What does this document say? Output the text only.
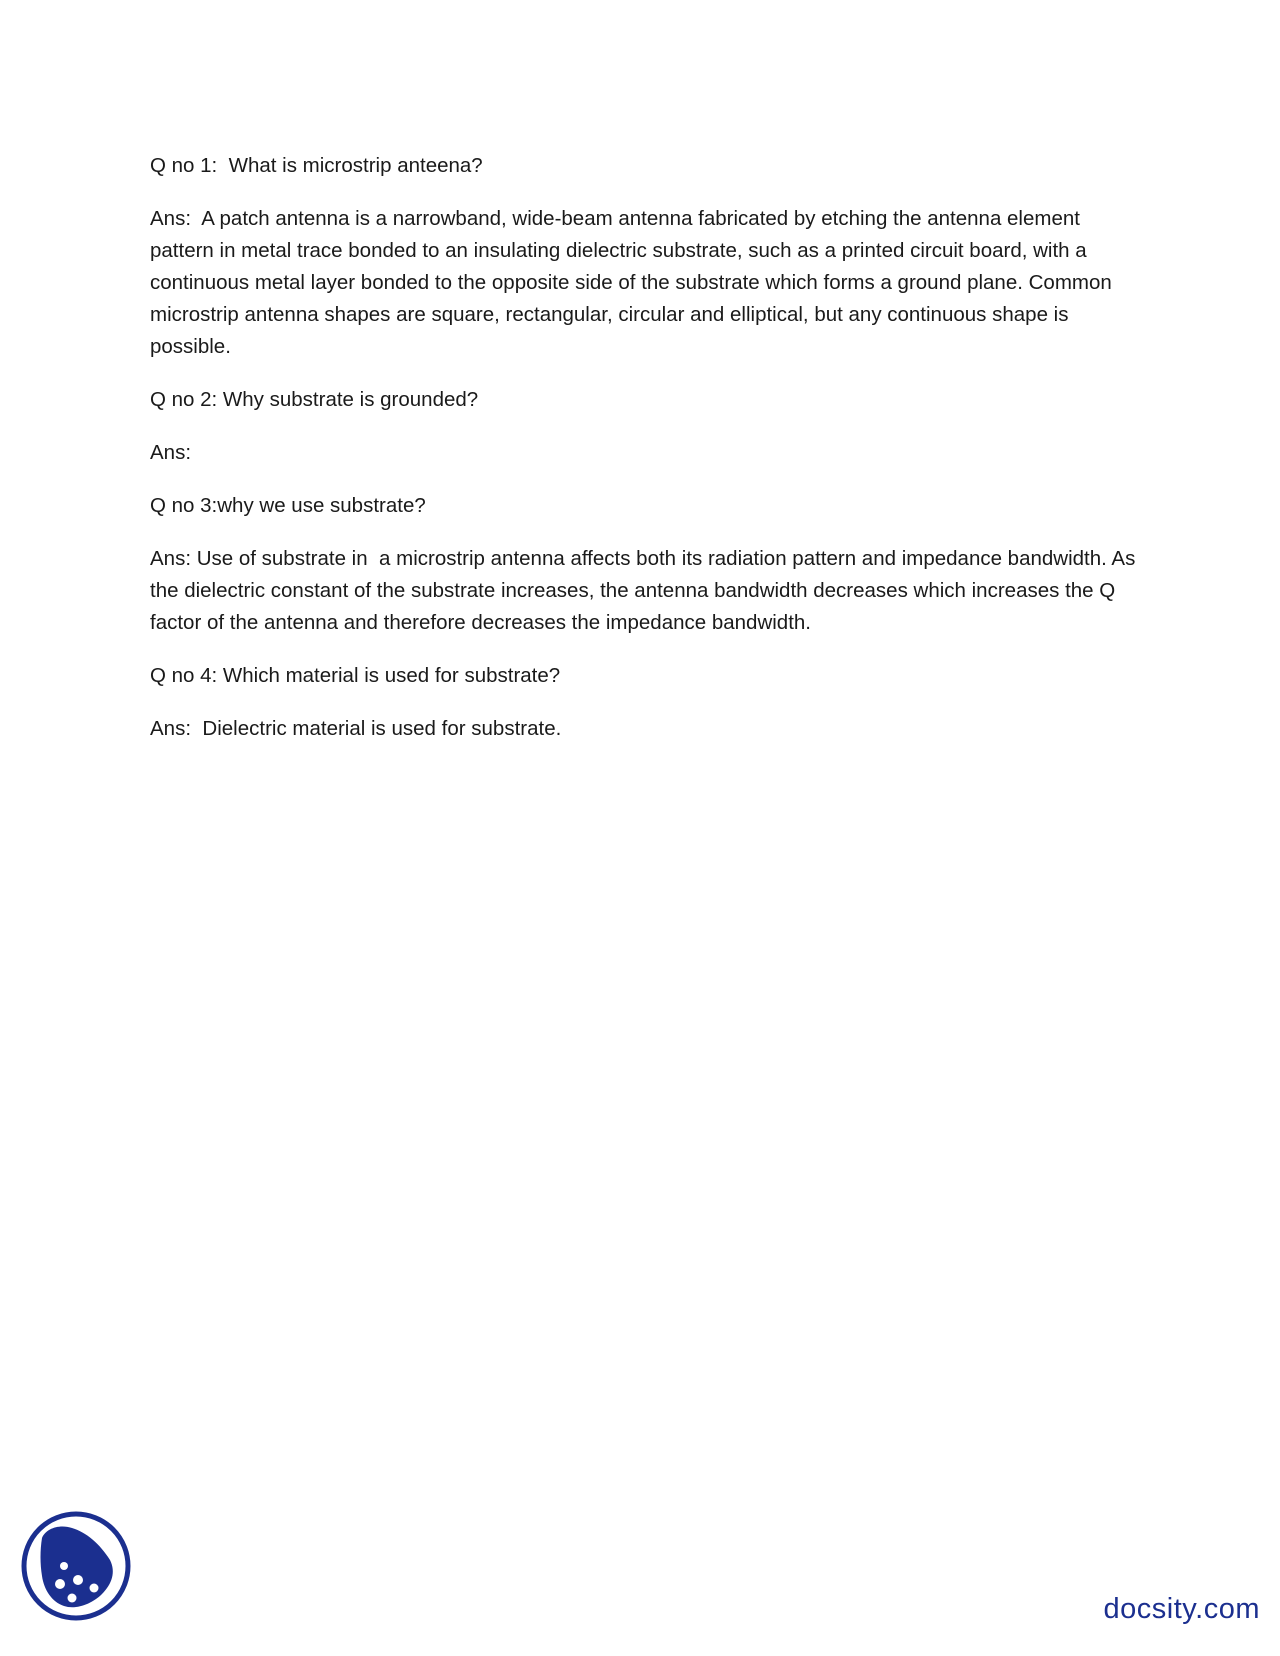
Q no 1:  What is microstrip anteena?

Ans:  A patch antenna is a narrowband, wide-beam antenna fabricated by etching the antenna element pattern in metal trace bonded to an insulating dielectric substrate, such as a printed circuit board, with a continuous metal layer bonded to the opposite side of the substrate which forms a ground plane. Common microstrip antenna shapes are square, rectangular, circular and elliptical, but any continuous shape is possible.

Q no 2: Why substrate is grounded?

Ans:

Q no 3:why we use substrate?

Ans: Use of substrate in  a microstrip antenna affects both its radiation pattern and impedance bandwidth. As the dielectric constant of the substrate increases, the antenna bandwidth decreases which increases the Q factor of the antenna and therefore decreases the impedance bandwidth.

Q no 4: Which material is used for substrate?

Ans:  Dielectric material is used for substrate.

docsity.com
